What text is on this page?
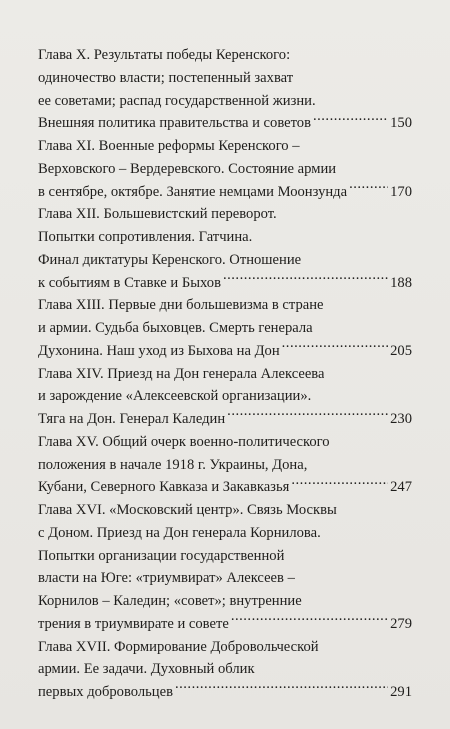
Глава X. Результаты победы Керенского:
одиночество власти; постепенный захват
ее советами; распад государственной жизни.
Внешняя политика правительства и советов .....	150
Глава XI. Военные реформы Керенского –
Верховского – Вердеревского. Состояние армии
в сентябре, октябре. Занятие немцами Моонзунда .....	170
Глава XII. Большевистский переворот.
Попытки сопротивления. Гатчина.
Финал диктатуры Керенского. Отношение
к событиям в Ставке и Быхов .....	188
Глава XIII. Первые дни большевизма в стране
и армии. Судьба быховцев. Смерть генерала
Духонина. Наш уход из Быхова на Дон .....	205
Глава XIV. Приезд на Дон генерала Алексеева
и зарождение «Алексеевской организации».
Тяга на Дон. Генерал Каледин .....	230
Глава XV. Общий очерк военно-политического
положения в начале 1918 г. Украины, Дона,
Кубани, Северного Кавказа и Закавказья .....	247
Глава XVI. «Московский центр». Связь Москвы
с Доном. Приезд на Дон генерала Корнилова.
Попытки организации государственной
власти на Юге: «триумвират» Алексеев –
Корнилов – Каледин; «совет»; внутренние
трения в триумвирате и совете .....	279
Глава XVII. Формирование Добровольческой
армии. Ее задачи. Духовный облик
первых добровольцев .....	291
